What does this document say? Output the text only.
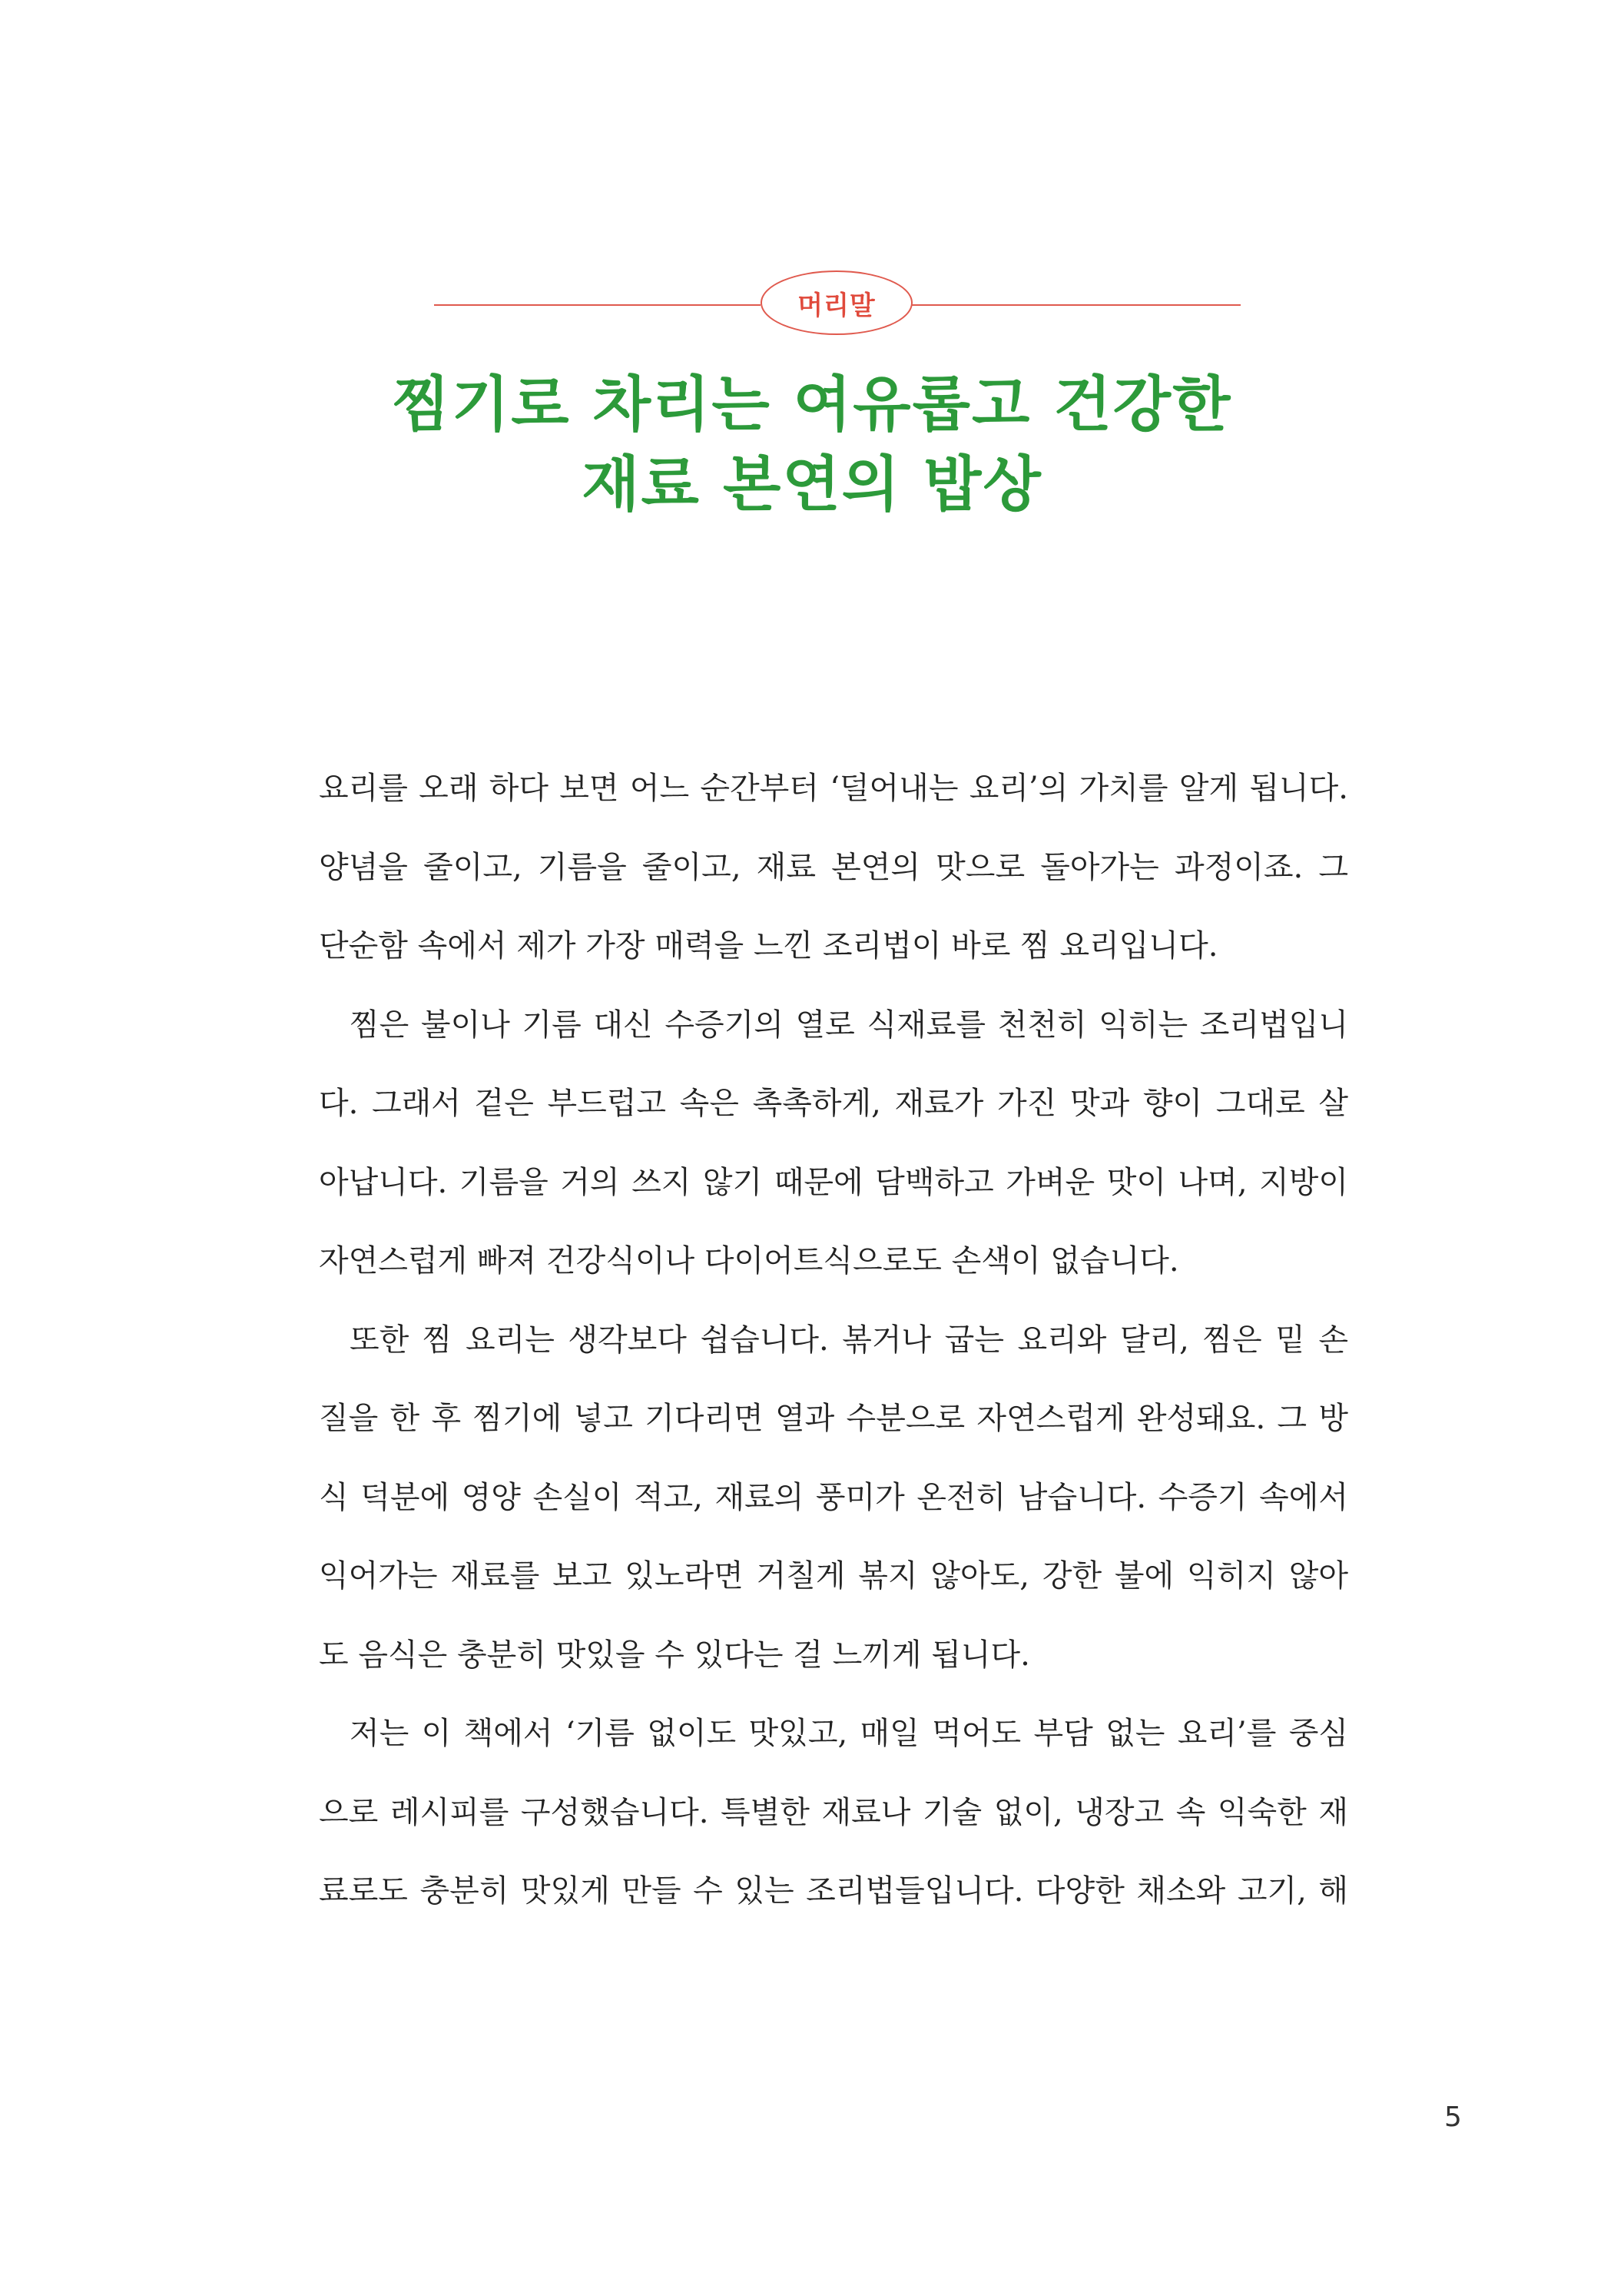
머리말
찜기로 차리는 여유롭고 건강한
재료 본연의 밥상
요리를 오래 하다 보면 어느 순간부터 ‘덜어내는 요리’의 가치를 알게 됩니다.
양념을 줄이고, 기름을 줄이고, 재료 본연의 맛으로 돌아가는 과정이죠. 그
단순함 속에서 제가 가장 매력을 느낀 조리법이 바로 찜 요리입니다.
찜은 불이나 기름 대신 수증기의 열로 식재료를 천천히 익히는 조리법입니
다. 그래서 겉은 부드럽고 속은 촉촉하게, 재료가 가진 맛과 향이 그대로 살
아납니다. 기름을 거의 쓰지 않기 때문에 담백하고 가벼운 맛이 나며, 지방이
자연스럽게 빠져 건강식이나 다이어트식으로도 손색이 없습니다.
또한 찜 요리는 생각보다 쉽습니다. 볶거나 굽는 요리와 달리, 찜은 밑 손
질을 한 후 찜기에 넣고 기다리면 열과 수분으로 자연스럽게 완성돼요. 그 방
식 덕분에 영양 손실이 적고, 재료의 풍미가 온전히 남습니다. 수증기 속에서
익어가는 재료를 보고 있노라면 거칠게 볶지 않아도, 강한 불에 익히지 않아
도 음식은 충분히 맛있을 수 있다는 걸 느끼게 됩니다.
저는 이 책에서 ‘기름 없이도 맛있고, 매일 먹어도 부담 없는 요리’를 중심
으로 레시피를 구성했습니다. 특별한 재료나 기술 없이, 냉장고 속 익숙한 재
료로도 충분히 맛있게 만들 수 있는 조리법들입니다. 다양한 채소와 고기, 해
5
